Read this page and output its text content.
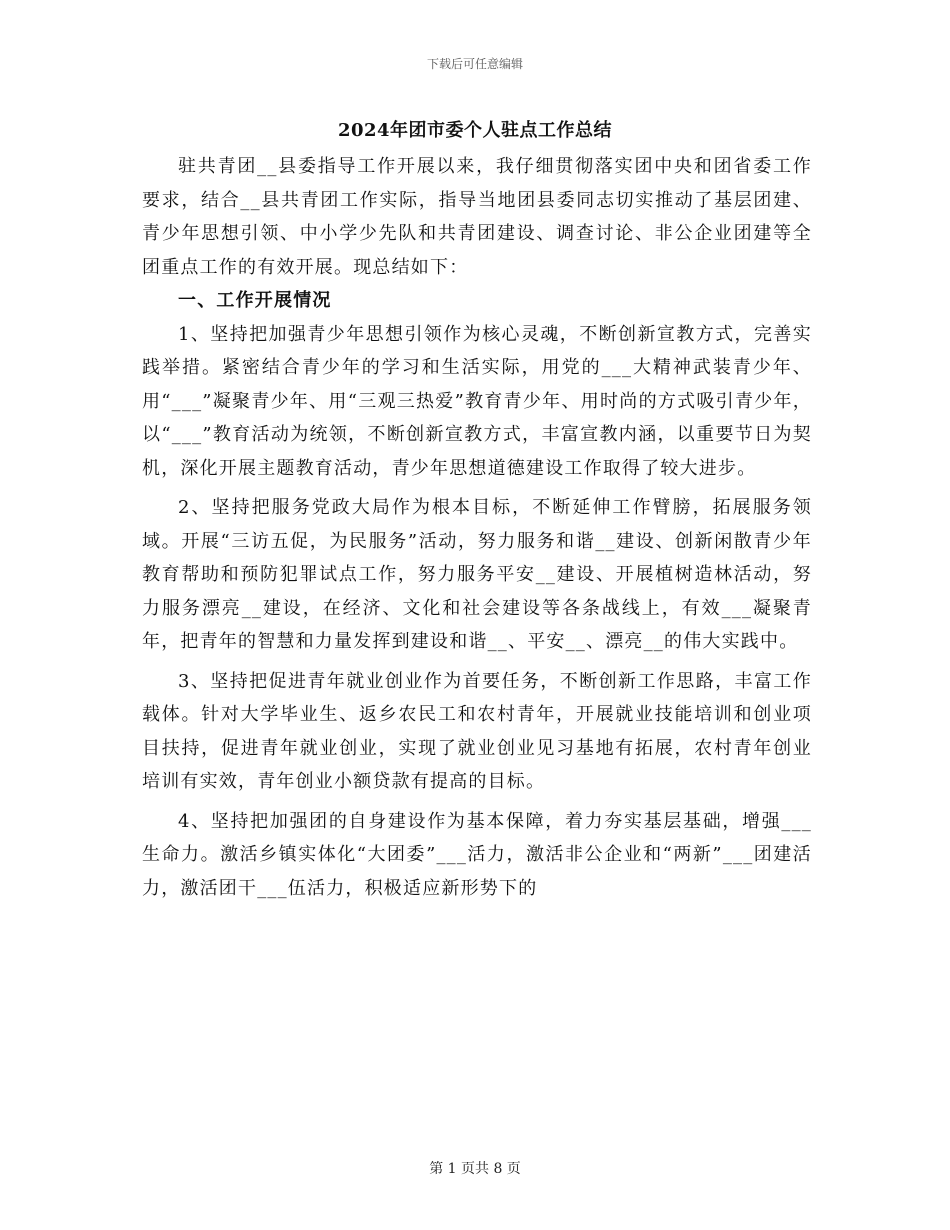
下载后可任意编辑
2024年团市委个人驻点工作总结

驻共青团__县委指导工作开展以来，我仔细贯彻落实团中央和团省委工作要求，结合__县共青团工作实际，指导当地团县委同志切实推动了基层团建、青少年思想引领、中小学少先队和共青团建设、调查讨论、非公企业团建等全团重点工作的有效开展。现总结如下：

一、工作开展情况

1、坚持把加强青少年思想引领作为核心灵魂，不断创新宣教方式，完善实践举措。紧密结合青少年的学习和生活实际，用党的___大精神武装青少年、用“___”凝聚青少年、用“三观三热爱”教育青少年、用时尚的方式吸引青少年，以“___”教育活动为统领，不断创新宣教方式，丰富宣教内涵，以重要节日为契机，深化开展主题教育活动，青少年思想道德建设工作取得了较大进步。

2、坚持把服务党政大局作为根本目标，不断延伸工作臂膀，拓展服务领域。开展“三访五促，为民服务”活动，努力服务和谐__建设、创新闲散青少年教育帮助和预防犯罪试点工作，努力服务平安__建设、开展植树造林活动，努力服务漂亮__建设，在经济、文化和社会建设等各条战线上，有效___凝聚青年，把青年的智慧和力量发挥到建设和谐__、平安__、漂亮__的伟大实践中。

3、坚持把促进青年就业创业作为首要任务，不断创新工作思路，丰富工作载体。针对大学毕业生、返乡农民工和农村青年，开展就业技能培训和创业项目扶持，促进青年就业创业，实现了就业创业见习基地有拓展，农村青年创业培训有实效，青年创业小额贷款有提高的目标。

4、坚持把加强团的自身建设作为基本保障，着力夯实基层基础，增强___生命力。激活乡镇实体化“大团委”___活力，激活非公企业和“两新”___团建活力，激活团干___伍活力，积极适应新形势下的

第 1 页共 8 页
